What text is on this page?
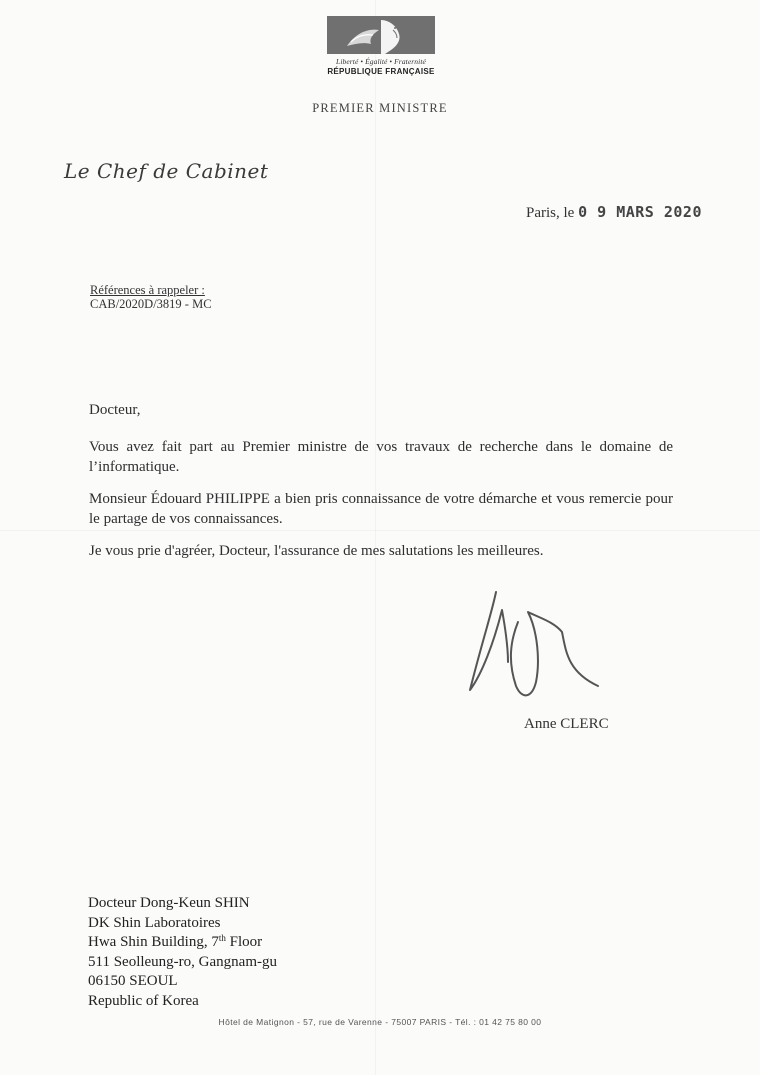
Liberté • Égalité • Fraternité
RÉPUBLIQUE FRANÇAISE
PREMIER MINISTRE
Le Chef de Cabinet
Paris, le 0 9 MARS 2020
Références à rappeler :
CAB/2020D/3819 - MC
Docteur,
Vous avez fait part au Premier ministre de vos travaux de recherche dans le domaine de l’informatique.
Monsieur Édouard PHILIPPE a bien pris connaissance de votre démarche et vous remercie pour le partage de vos connaissances.
Je vous prie d'agréer, Docteur, l'assurance de mes salutations les meilleures.
Anne CLERC
Docteur Dong-Keun SHIN
DK Shin Laboratoires
Hwa Shin Building, 7th Floor
511 Seolleung-ro, Gangnam-gu
06150 SEOUL
Republic of Korea
Hôtel de Matignon - 57, rue de Varenne - 75007 PARIS - Tél. : 01 42 75 80 00
